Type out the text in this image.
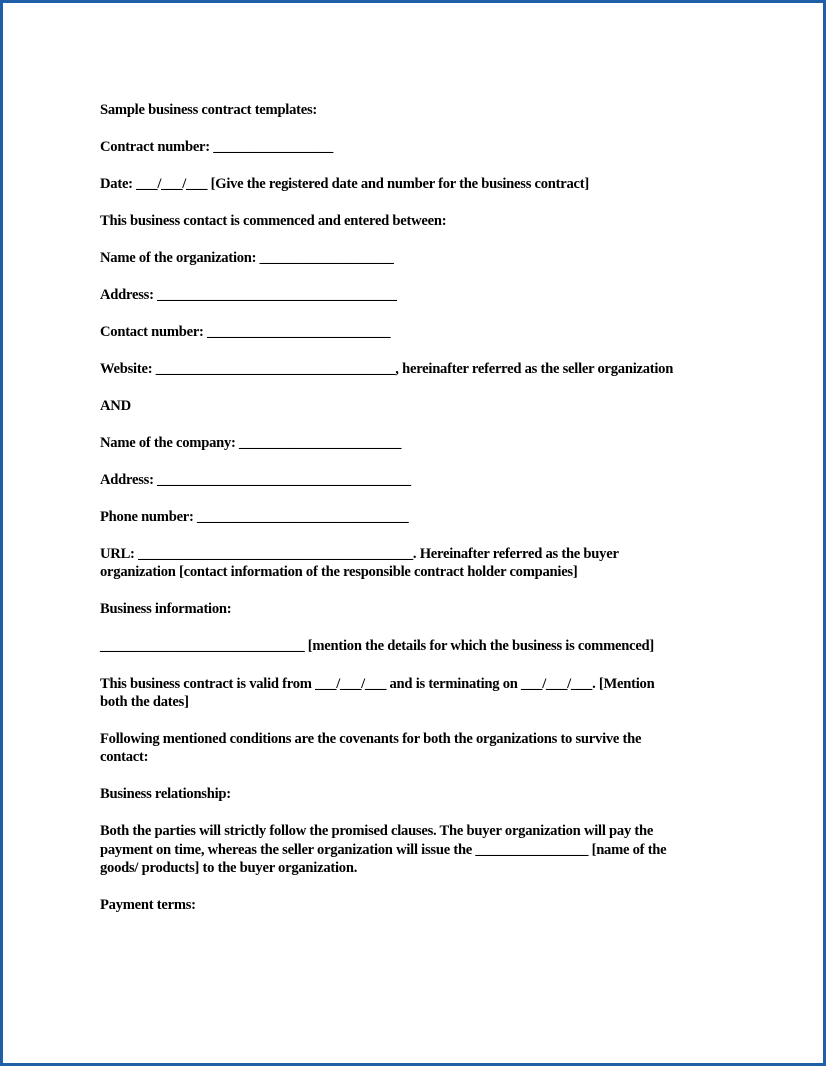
Sample business contract templates:

Contract number: _________________

Date: ___/___/___ [Give the registered date and number for the business contract]

This business contact is commenced and entered between:

Name of the organization: ___________________

Address: __________________________________

Contact number: __________________________

Website: __________________________________, hereinafter referred as the seller organization

AND

Name of the company: _______________________

Address: ____________________________________

Phone number: ______________________________

URL: _______________________________________. Hereinafter referred as the buyer

organization [contact information of the responsible contract holder companies]

Business information:

_____________________________ [mention the details for which the business is commenced]

This business contract is valid from ___/___/___ and is terminating on ___/___/___. [Mention

both the dates]

Following mentioned conditions are the covenants for both the organizations to survive the

contact:

Business relationship:

Both the parties will strictly follow the promised clauses. The buyer organization will pay the

payment on time, whereas the seller organization will issue the ________________ [name of the

goods/ products] to the buyer organization.

Payment terms:
